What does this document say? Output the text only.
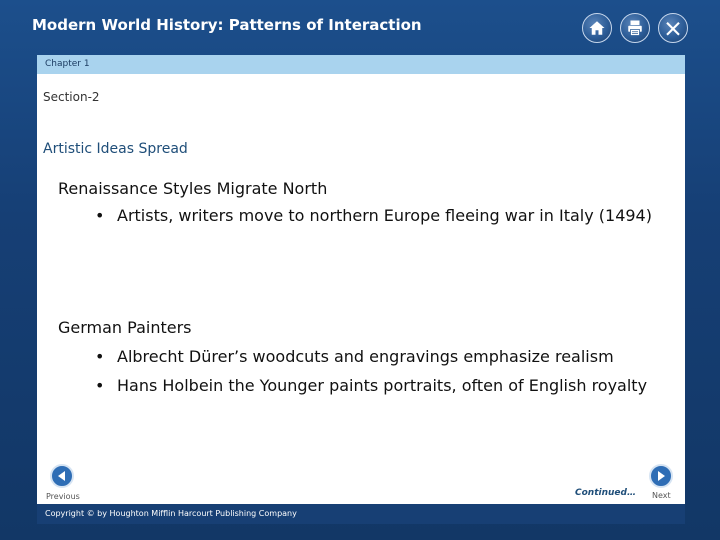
Modern World History: Patterns of Interaction
Chapter 1
Section-2
Artistic Ideas Spread
Renaissance Styles Migrate North
• Artists, writers move to northern Europe fleeing war in Italy (1494)
German Painters
• Albrecht Dürer’s woodcuts and engravings emphasize realism
• Hans Holbein the Younger paints portraits, often of English royalty
Previous	Continued… Next
Copyright © by Houghton Mifflin Harcourt Publishing Company
